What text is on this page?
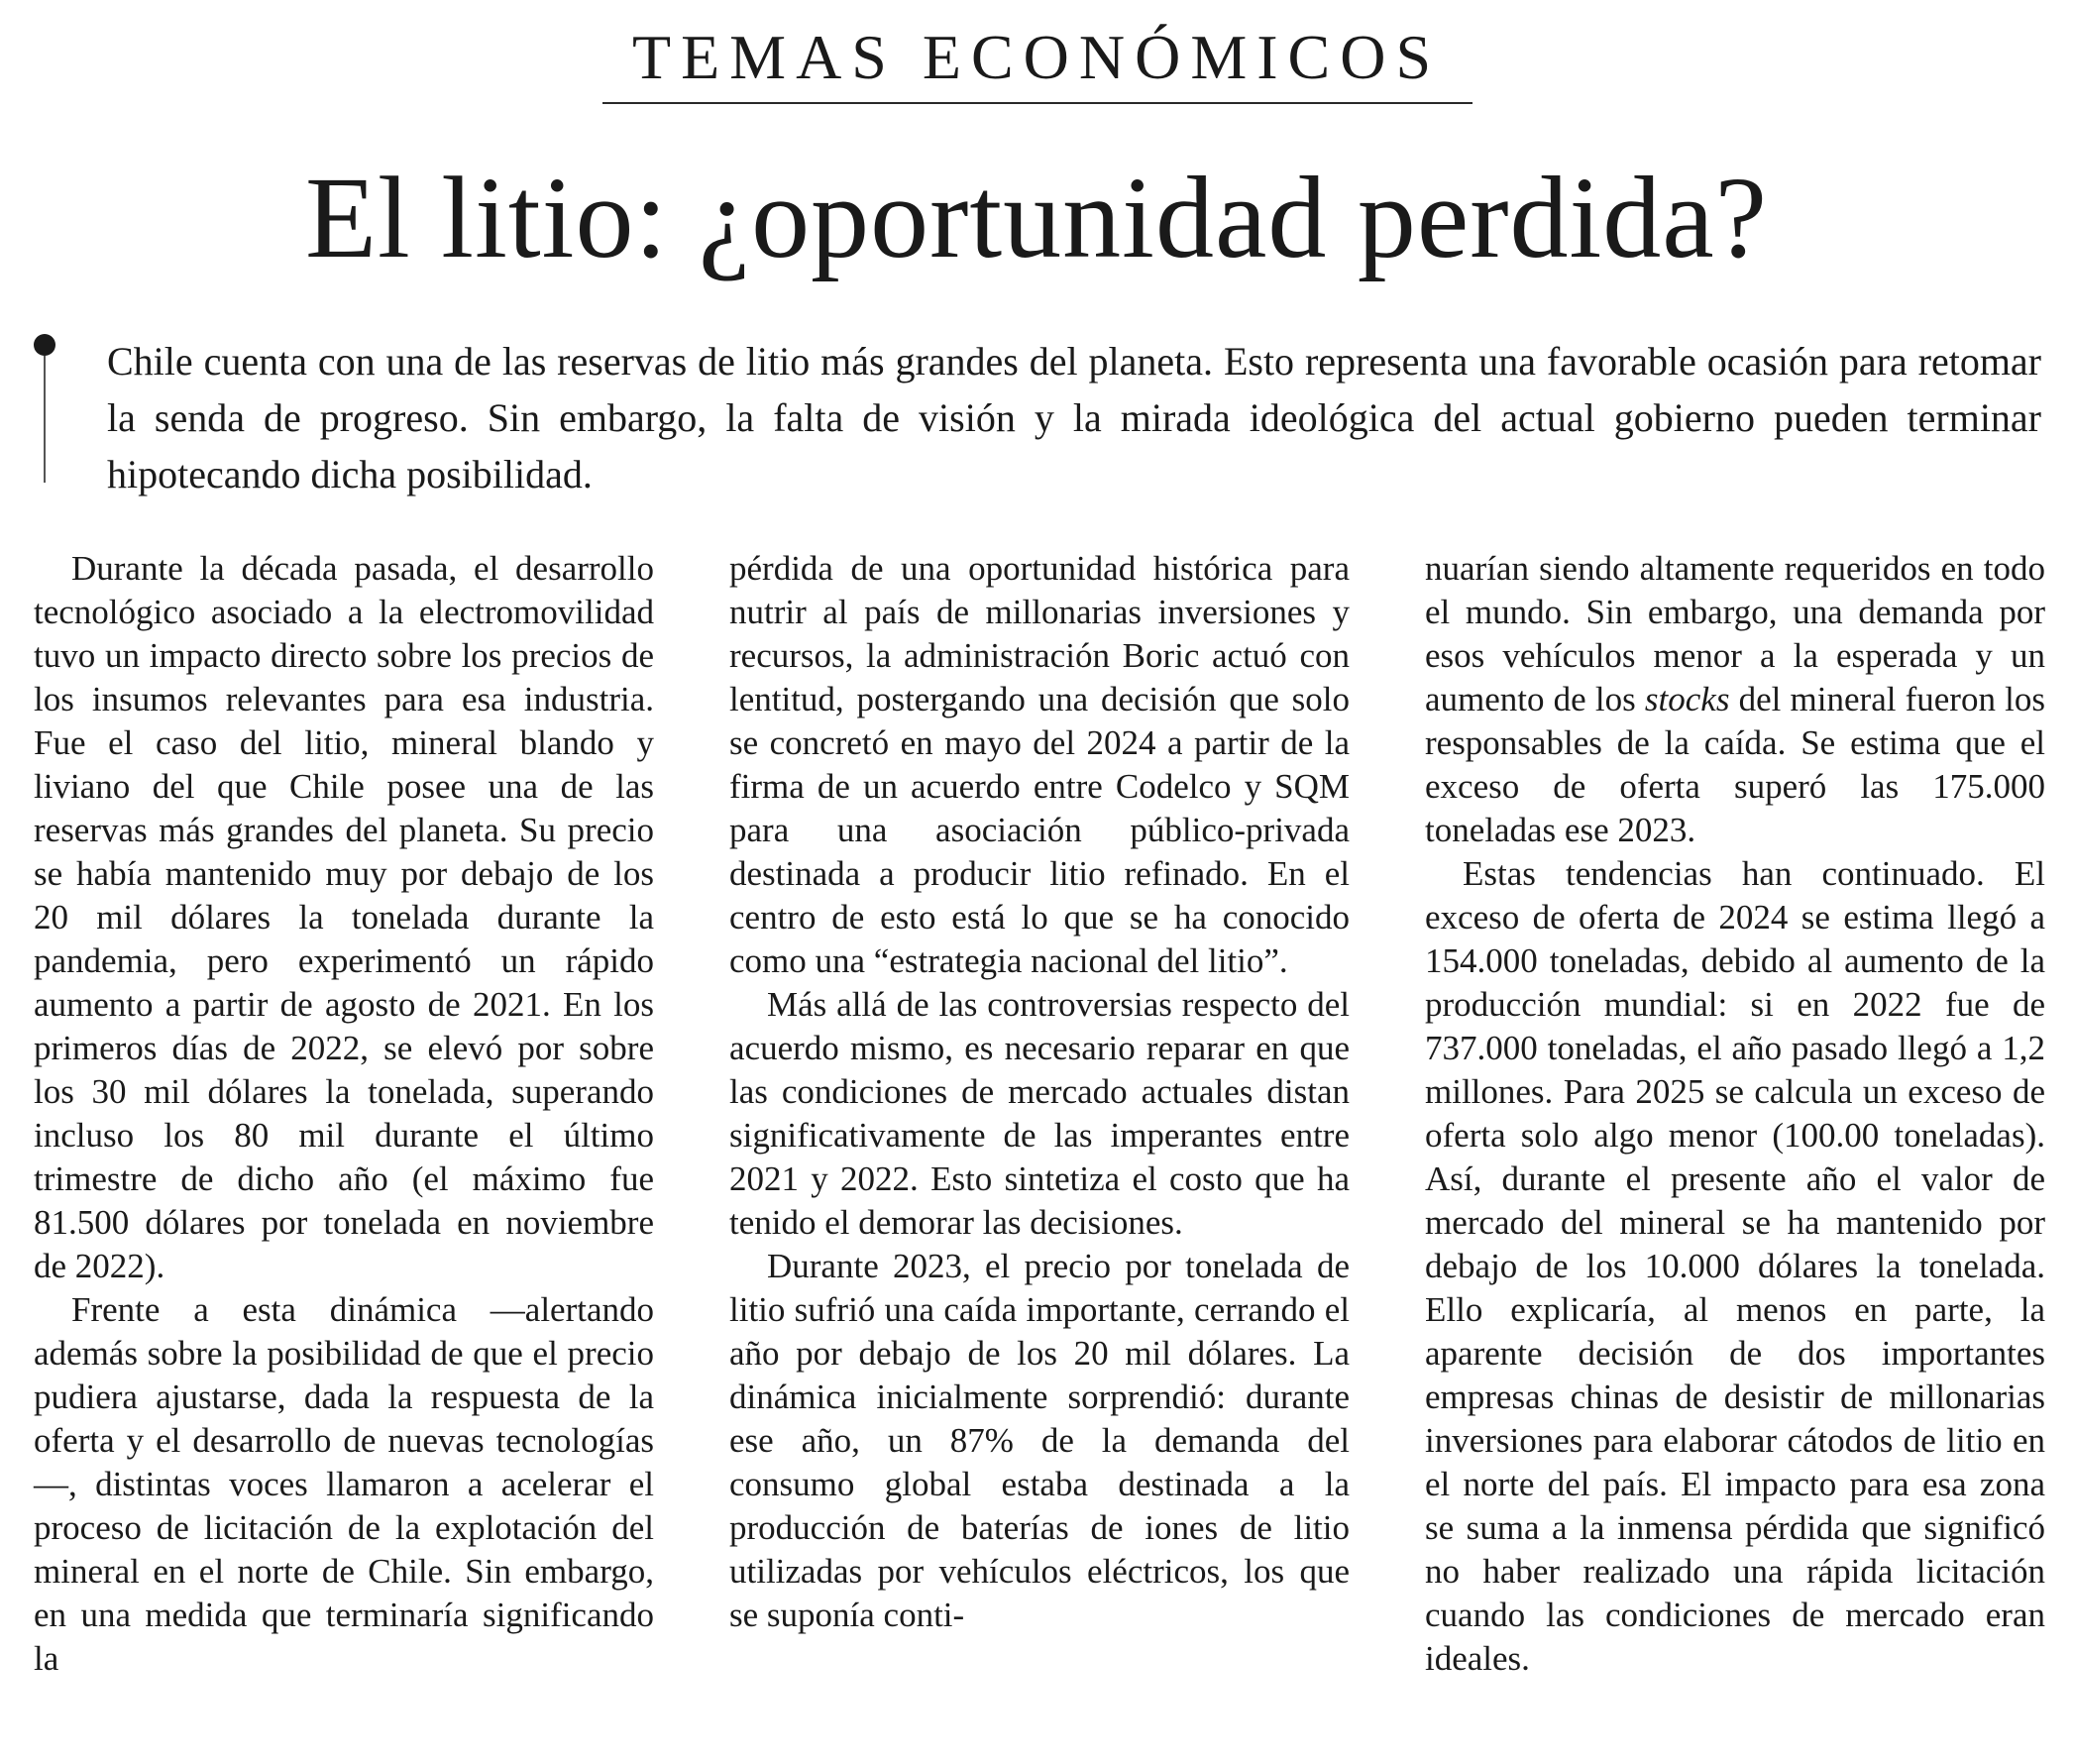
TEMAS ECONÓMICOS
El litio: ¿oportunidad perdida?
Chile cuenta con una de las reservas de litio más grandes del planeta. Esto representa una favorable ocasión para retomar la senda de progreso. Sin embargo, la falta de visión y la mirada ideológica del actual gobierno pueden terminar hipotecando dicha posibilidad.

Durante la década pasada, el desarrollo tecnológico asociado a la electromovilidad tuvo un impacto directo sobre los precios de los insumos relevantes para esa industria. Fue el caso del litio, mineral blando y liviano del que Chile posee una de las reservas más grandes del planeta. Su precio se había mantenido muy por debajo de los 20 mil dólares la tonelada durante la pandemia, pero experimentó un rápido aumento a partir de agosto de 2021. En los primeros días de 2022, se elevó por sobre los 30 mil dólares la tonelada, superando incluso los 80 mil durante el último trimestre de dicho año (el máximo fue 81.500 dólares por tonelada en noviembre de 2022).

Frente a esta dinámica —alertando además sobre la posibilidad de que el precio pudiera ajustarse, dada la respuesta de la oferta y el desarrollo de nuevas tecnologías—, distintas voces llamaron a acelerar el proceso de licitación de la explotación del mineral en el norte de Chile. Sin embargo, en una medida que terminaría significando la

pérdida de una oportunidad histórica para nutrir al país de millonarias inversiones y recursos, la administración Boric actuó con lentitud, postergando una decisión que solo se concretó en mayo del 2024 a partir de la firma de un acuerdo entre Codelco y SQM para una asociación público-privada destinada a producir litio refinado. En el centro de esto está lo que se ha conocido como una “estrategia nacional del litio”.

Más allá de las controversias respecto del acuerdo mismo, es necesario reparar en que las condiciones de mercado actuales distan significativamente de las imperantes entre 2021 y 2022. Esto sintetiza el costo que ha tenido el demorar las decisiones.

Durante 2023, el precio por tonelada de litio sufrió una caída importante, cerrando el año por debajo de los 20 mil dólares. La dinámica inicialmente sorprendió: durante ese año, un 87% de la demanda del consumo global estaba destinada a la producción de baterías de iones de litio utilizadas por vehículos eléctricos, los que se suponía conti-

nuarían siendo altamente requeridos en todo el mundo. Sin embargo, una demanda por esos vehículos menor a la esperada y un aumento de los stocks del mineral fueron los responsables de la caída. Se estima que el exceso de oferta superó las 175.000 toneladas ese 2023.

Estas tendencias han continuado. El exceso de oferta de 2024 se estima llegó a 154.000 toneladas, debido al aumento de la producción mundial: si en 2022 fue de 737.000 toneladas, el año pasado llegó a 1,2 millones. Para 2025 se calcula un exceso de oferta solo algo menor (100.00 toneladas). Así, durante el presente año el valor de mercado del mineral se ha mantenido por debajo de los 10.000 dólares la tonelada. Ello explicaría, al menos en parte, la aparente decisión de dos importantes empresas chinas de desistir de millonarias inversiones para elaborar cátodos de litio en el norte del país. El impacto para esa zona se suma a la inmensa pérdida que significó no haber realizado una rápida licitación cuando las condiciones de mercado eran ideales.
